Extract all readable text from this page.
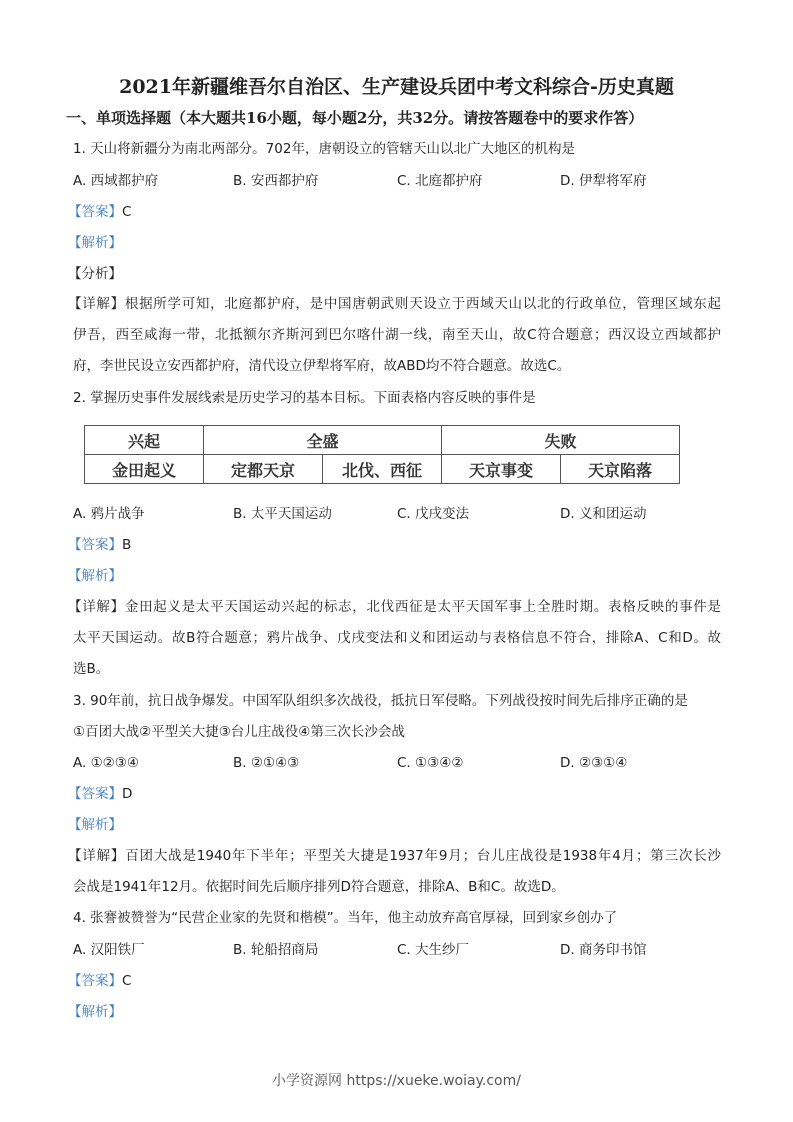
2021年新疆维吾尔自治区、生产建设兵团中考文科综合-历史真题
一、单项选择题（本大题共16小题，每小题2分，共32分。请按答题卷中的要求作答）
1. 天山将新疆分为南北两部分。702年，唐朝设立的管辖天山以北广大地区的机构是
A. 西域都护府	B. 安西都护府	C. 北庭都护府	D. 伊犁将军府
【答案】C
【解析】
【分析】
【详解】根据所学可知，北庭都护府，是中国唐朝武则天设立于西域天山以北的行政单位，管理区域东起
伊吾，西至咸海一带，北抵额尔齐斯河到巴尔喀什湖一线，南至天山，故C符合题意；西汉设立西域都护
府，李世民设立安西都护府，清代设立伊犁将军府，故ABD均不符合题意。故选C。
2. 掌握历史事件发展线索是历史学习的基本目标。下面表格内容反映的事件是
兴起	全盛		失败	
金田起义	定都天京	北伐、西征	天京事变	天京陷落
A. 鸦片战争	B. 太平天国运动	C. 戊戌变法	D. 义和团运动
【答案】B
【解析】
【详解】金田起义是太平天国运动兴起的标志，北伐西征是太平天国军事上全胜时期。表格反映的事件是
太平天国运动。故B符合题意；鸦片战争、戊戌变法和义和团运动与表格信息不符合，排除A、C和D。故
选B。
3. 90年前，抗日战争爆发。中国军队组织多次战役，抵抗日军侵略。下列战役按时间先后排序正确的是
①百团大战②平型关大捷③台儿庄战役④第三次长沙会战
A. ①②③④	B. ②①④③	C. ①③④②	D. ②③①④
【答案】D
【解析】
【详解】百团大战是1940年下半年；平型关大捷是1937年9月；台儿庄战役是1938年4月；第三次长沙
会战是1941年12月。依据时间先后顺序排列D符合题意，排除A、B和C。故选D。
4. 张謇被赞誉为“民营企业家的先贤和楷模”。当年，他主动放弃高官厚禄，回到家乡创办了
A. 汉阳铁厂	B. 轮船招商局	C. 大生纱厂	D. 商务印书馆
【答案】C
【解析】
小学资源网 https://xueke.woiay.com/
